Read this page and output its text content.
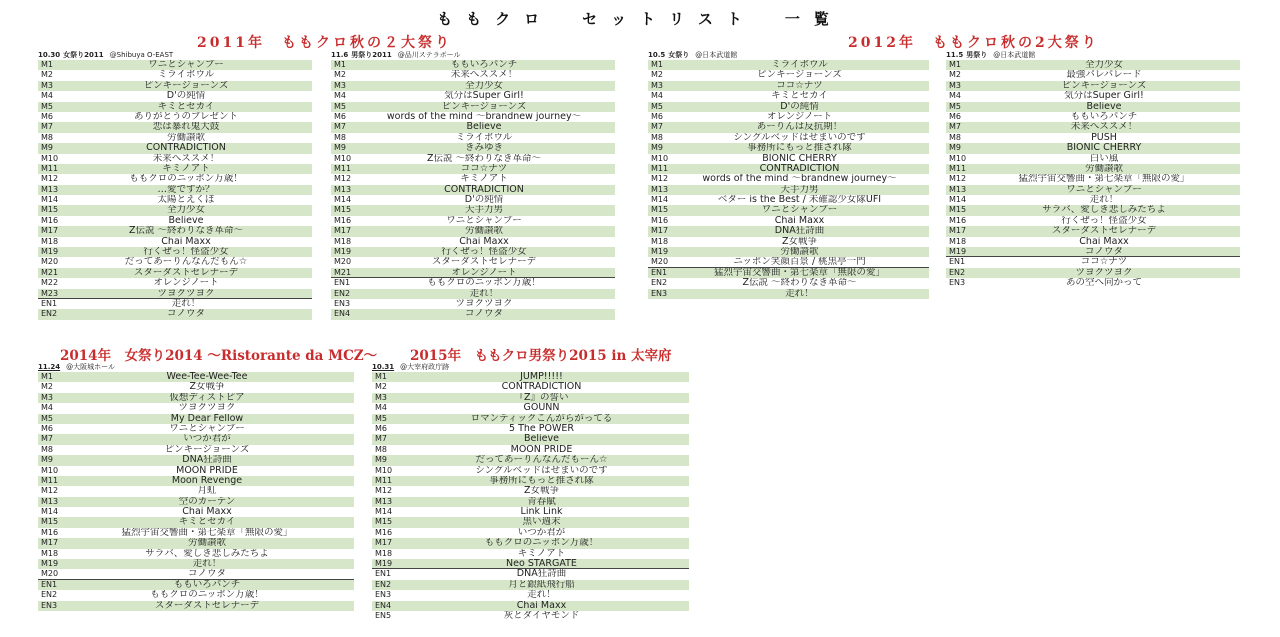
ももクロ　セットリスト　一覧
2011年　ももクロ秋の２大祭り	2012年　ももクロ秋の2大祭り
2014年　女祭り2014 〜Ristorante da MCZ〜 2015年　ももクロ男祭り2015 in 太宰府
10.30 女祭り2011 @Shibuya O-EAST
M1	ワニとシャンプー
M2	ミライボウル
M3	ピンキージョーンズ
M4	D'の純情
M5	キミとセカイ
M6	ありがとうのプレゼント
M7	恋は暴れ鬼大鼓
M8	労働讃歌
M9	CONTRADICTION
M10	未来へススメ！
M11	キミノアト
M12	ももクロのニッポン万歳！
M13	…愛ですか？
M14	太陽とえくぼ
M15	全力少女
M16	Believe
M17	Z伝説 〜終わりなき革命〜
M18	Chai Maxx
M19	行くぜっ！怪盗少女
M20	だってあーりんなんだもん☆
M21	スターダストセレナーデ
M22	オレンジノート
M23	ツヨクツヨク
EN1	走れ！
EN2	コノウタ
11.6 男祭り2011 @品川ステラボール
M1	ももいろパンチ
M2	未来へススメ！
M3	全力少女
M4	気分はSuper Girl!
M5	ピンキージョーンズ
M6	words of the mind 〜brandnew journey〜
M7	Believe
M8	ミライボウル
M9	きみゆき
M10	Z伝説 〜終わりなき革命〜
M11	ココ☆ナツ
M12	キミノアト
M13	CONTRADICTION
M14	D'の純情
M15	天手力男
M16	ワニとシャンプー
M17	労働讃歌
M18	Chai Maxx
M19	行くぜっ！怪盗少女
M20	スターダストセレナーデ
M21	オレンジノート
EN1	ももクロのニッポン万歳！
EN2	走れ！
EN3	ツヨクツヨク
EN4	コノウタ
10.5 女祭り @日本武道館
M1	ミライボウル
M2	ピンキージョーンズ
M3	ココ☆ナツ
M4	キミとセカイ
M5	D'の純情
M6	オレンジノート
M7	あーりんは反抗期！
M8	シングルベッドはせまいのです
M9	事務所にもっと推され隊
M10	BIONIC CHERRY
M11	CONTRADICTION
M12	words of the mind 〜brandnew journey〜
M13	天手力男
M14	ベター is the Best / 未確認少女隊UFI
M15	ワニとシャンプー
M16	Chai Maxx
M17	DNA狂詩曲
M18	Z女戦争
M19	労働讃歌
M20	ニッポン笑顔百景 / 桃黒亭一門
EN1	猛烈宇宙交響曲・第七楽章「無限の愛」
EN2	Z伝説 〜終わりなき革命〜
EN3	走れ！
11.5 男祭り @日本武道館
M1	全力少女
M2	最強パレパレード
M3	ピンキージョーンズ
M4	気分はSuper Girl!
M5	Believe
M6	ももいろパンチ
M7	未来へススメ！
M8	PUSH
M9	BIONIC CHERRY
M10	白い風
M11	労働讃歌
M12	猛烈宇宙交響曲・第七楽章「無限の愛」
M13	ワニとシャンプー
M14	走れ！
M15	サラバ、愛しき悲しみたちよ
M16	行くぜっ！怪盗少女
M17	スターダストセレナーデ
M18	Chai Maxx
M19	コノウタ
EN1	ココ☆ナツ
EN2	ツヨクツヨク
EN3	あの空へ向かって
11.24 @大阪城ホール
M1	Wee-Tee-Wee-Tee
M2	Z女戦争
M3	仮想ディストピア
M4	ツヨクツヨク
M5	My Dear Fellow
M6	ワニとシャンプー
M7	いつか君が
M8	ピンキージョーンズ
M9	DNA狂詩曲
M10	MOON PRIDE
M11	Moon Revenge
M12	月虹
M13	空のカーテン
M14	Chai Maxx
M15	キミとセカイ
M16	猛烈宇宙交響曲・第七楽章「無限の愛」
M17	労働讃歌
M18	サラバ、愛しき悲しみたちよ
M19	走れ！
M20	コノウタ
EN1	ももいろパンチ
EN2	ももクロのニッポン万歳！
EN3	スターダストセレナーデ
10.31 @大宰府政庁跡
M1	JUMP!!!!!
M2	CONTRADICTION
M3	『Z』の誓い
M4	GOUNN
M5	ロマンティックこんがらがってる
M6	5 The POWER
M7	Believe
M8	MOON PRIDE
M9	だってあーりんなんだもーん☆
M10	シングルベッドはせまいのです
M11	事務所にもっと推され隊
M12	Z女戦争
M13	青春賦
M14	Link Link
M15	黒い週末
M16	いつか君が
M17	ももクロのニッポン万歳！
M18	キミノアト
M19	Neo STARGATE
EN1	DNA狂詩曲
EN2	月と銀紙飛行船
EN3	走れ！
EN4	Chai Maxx
EN5	灰とダイヤモンド
